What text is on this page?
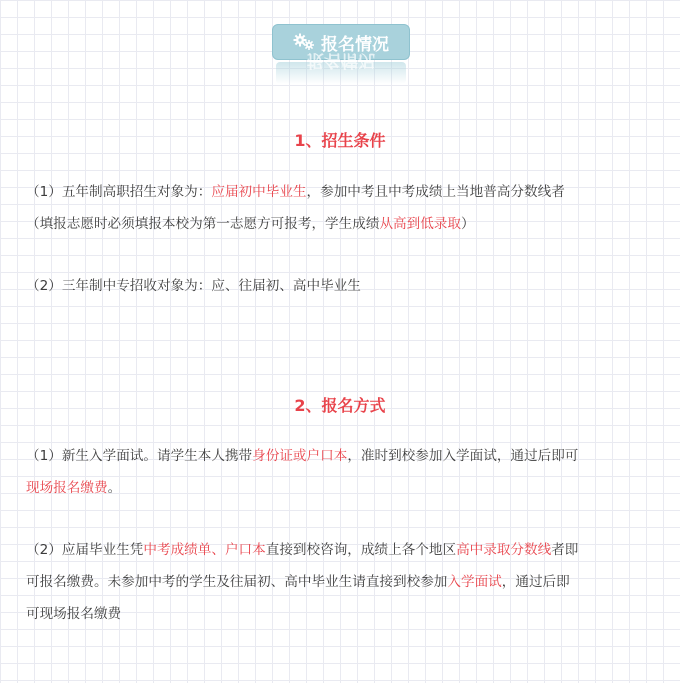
报名情况
报名情况
1、招生条件
（1）五年制高职招生对象为：应届初中毕业生，参加中考且中考成绩上当地普高分数线者
（填报志愿时必须填报本校为第一志愿方可报考，学生成绩从高到低录取）
（2）三年制中专招收对象为：应、往届初、高中毕业生
2、报名方式
（1）新生入学面试。请学生本人携带身份证或户口本，准时到校参加入学面试，通过后即可
现场报名缴费。
（2）应届毕业生凭中考成绩单、户口本直接到校咨询，成绩上各个地区高中录取分数线者即
可报名缴费。未参加中考的学生及往届初、高中毕业生请直接到校参加入学面试，通过后即
可现场报名缴费
